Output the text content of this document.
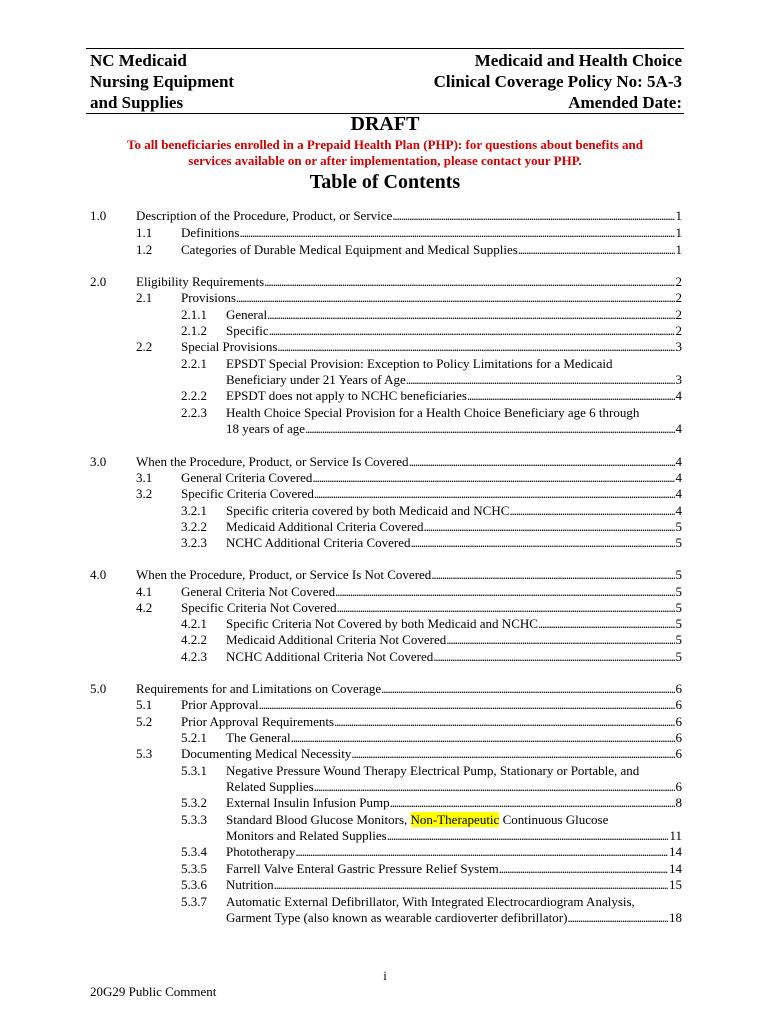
NC Medicaid
Nursing Equipment
and Supplies
Medicaid and Health Choice
Clinical Coverage Policy No: 5A-3
Amended Date:
DRAFT
To all beneficiaries enrolled in a Prepaid Health Plan (PHP): for questions about benefits and
services available on or after implementation, please contact your PHP.
Table of Contents
1.0 Description of the Procedure, Product, or Service . . .	1
1.1 Definitions . . .	1
1.2 Categories of Durable Medical Equipment and Medical Supplies . . .	1
2.0 Eligibility Requirements . . .	2
2.1 Provisions . . .	2
2.1.1 General . . .	2
2.1.2 Specific . . .	2
2.2 Special Provisions . . .	3
2.2.1 EPSDT Special Provision: Exception to Policy Limitations for a Medicaid
Beneficiary under 21 Years of Age . . .	3
2.2.2 EPSDT does not apply to NCHC beneficiaries . . .	4
2.2.3 Health Choice Special Provision for a Health Choice Beneficiary age 6 through
18 years of age . . .	4
3.0 When the Procedure, Product, or Service Is Covered . . .	4
3.1 General Criteria Covered . . .	4
3.2 Specific Criteria Covered . . .	4
3.2.1 Specific criteria covered by both Medicaid and NCHC . . .	4
3.2.2 Medicaid Additional Criteria Covered . . .	5
3.2.3 NCHC Additional Criteria Covered . . .	5
4.0 When the Procedure, Product, or Service Is Not Covered . . .	5
4.1 General Criteria Not Covered . . .	5
4.2 Specific Criteria Not Covered . . .	5
4.2.1 Specific Criteria Not Covered by both Medicaid and NCHC . . .	5
4.2.2 Medicaid Additional Criteria Not Covered . . .	5
4.2.3 NCHC Additional Criteria Not Covered . . .	5
5.0 Requirements for and Limitations on Coverage . . .	6
5.1 Prior Approval . . .	6
5.2 Prior Approval Requirements . . .	6
5.2.1 The General . . .	6
5.3 Documenting Medical Necessity . . .	6
5.3.1 Negative Pressure Wound Therapy Electrical Pump, Stationary or Portable, and
Related Supplies . . .	6
5.3.2 External Insulin Infusion Pump . . .	8
5.3.3 Standard Blood Glucose Monitors, Non-Therapeutic Continuous Glucose
Monitors and Related Supplies . . .	11
5.3.4 Phototherapy . . .	14
5.3.5 Farrell Valve Enteral Gastric Pressure Relief System . . .	14
5.3.6 Nutrition . . .	15
5.3.7 Automatic External Defibrillator, With Integrated Electrocardiogram Analysis,
Garment Type (also known as wearable cardioverter defibrillator) . . .	18
i
20G29 Public Comment
